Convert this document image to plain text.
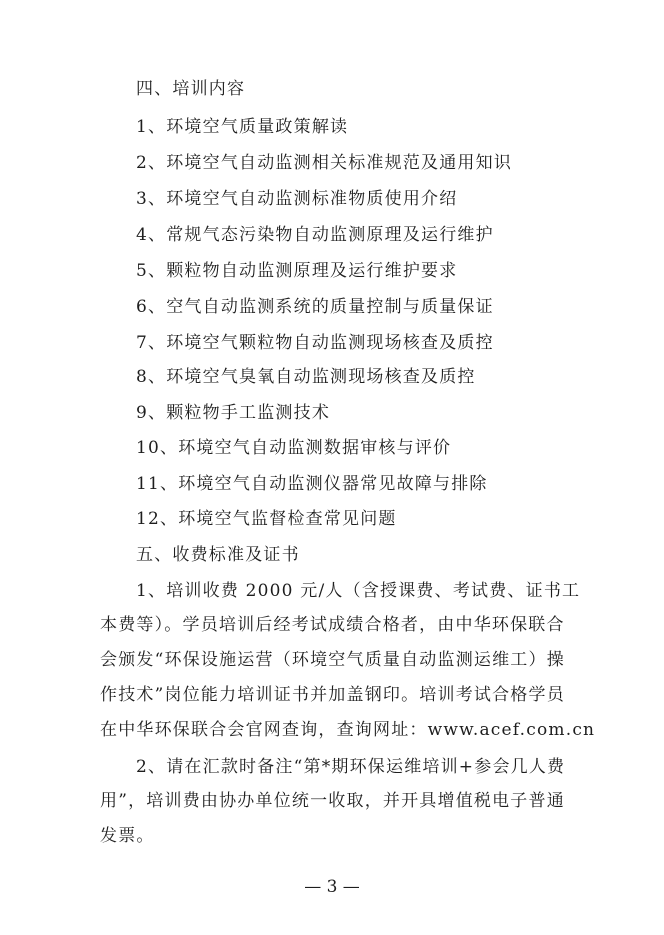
四、培训内容
1、环境空气质量政策解读
2、环境空气自动监测相关标准规范及通用知识
3、环境空气自动监测标准物质使用介绍
4、常规气态污染物自动监测原理及运行维护
5、颗粒物自动监测原理及运行维护要求
6、空气自动监测系统的质量控制与质量保证
7、环境空气颗粒物自动监测现场核查及质控
8、环境空气臭氧自动监测现场核查及质控
9、颗粒物手工监测技术
10、环境空气自动监测数据审核与评价
11、环境空气自动监测仪器常见故障与排除
12、环境空气监督检查常见问题
五、收费标准及证书
1、培训收费 2000 元/人（含授课费、考试费、证书工
本费等）。学员培训后经考试成绩合格者，由中华环保联合
会颁发“环保设施运营（环境空气质量自动监测运维工）操
作技术”岗位能力培训证书并加盖钢印。培训考试合格学员
在中华环保联合会官网查询，查询网址：www.acef.com.cn
2、请在汇款时备注“第*期环保运维培训+参会几人费
用”，培训费由协办单位统一收取，并开具增值税电子普通
发票。
— 3 —
